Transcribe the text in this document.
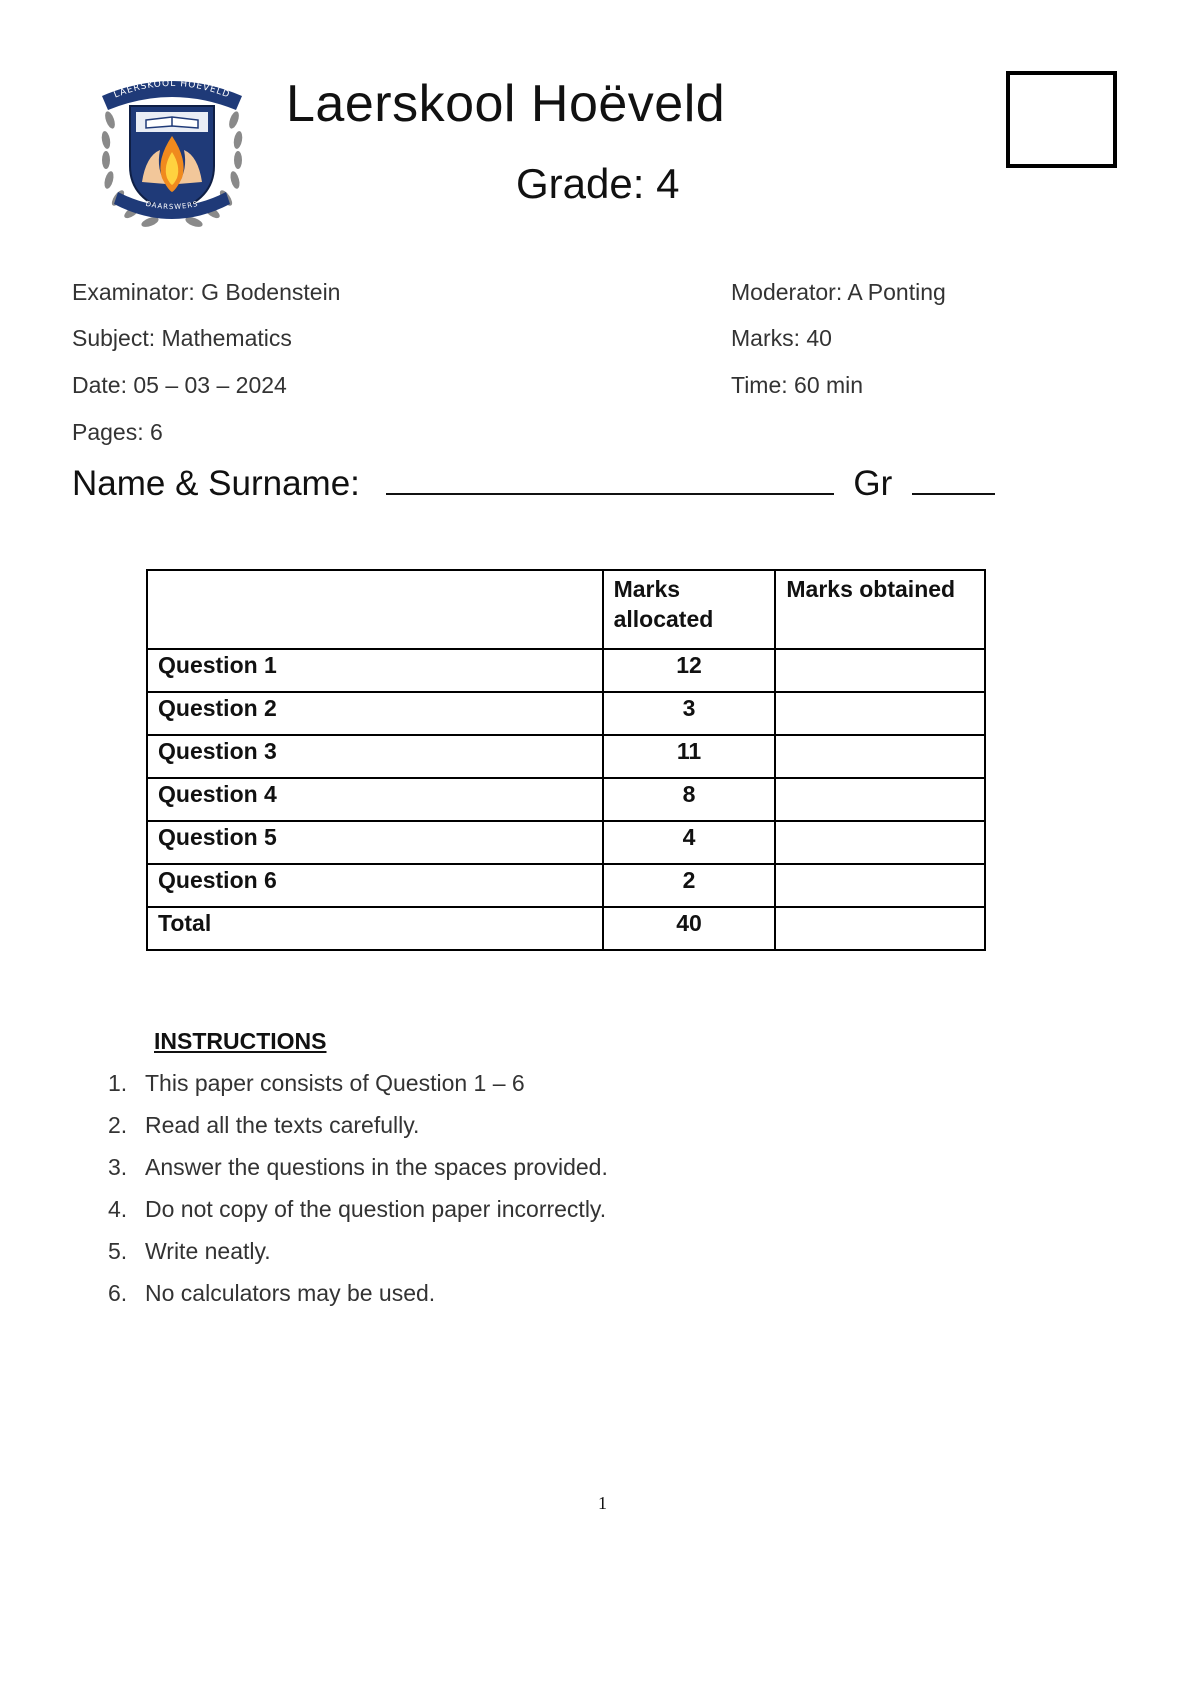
LAERSKOOL HOËVELD
DAARSWERS
Laerskool Hoëveld
Grade: 4
Examinator: G Bodenstein	Moderator: A Ponting
Subject: Mathematics	Marks: 40
Date: 05 – 03 – 2024	Time: 60 min
Pages: 6
Name & Surname:	Gr
	Marks allocated	Marks obtained
Question 1	12	
Question 2	3	
Question 3	11	
Question 4	8	
Question 5	4	
Question 6	2	
Total	40	
INSTRUCTIONS
1. This paper consists of Question 1 – 6
2. Read all the texts carefully.
3. Answer the questions in the spaces provided.
4. Do not copy of the question paper incorrectly.
5. Write neatly.
6. No calculators may be used.
1
